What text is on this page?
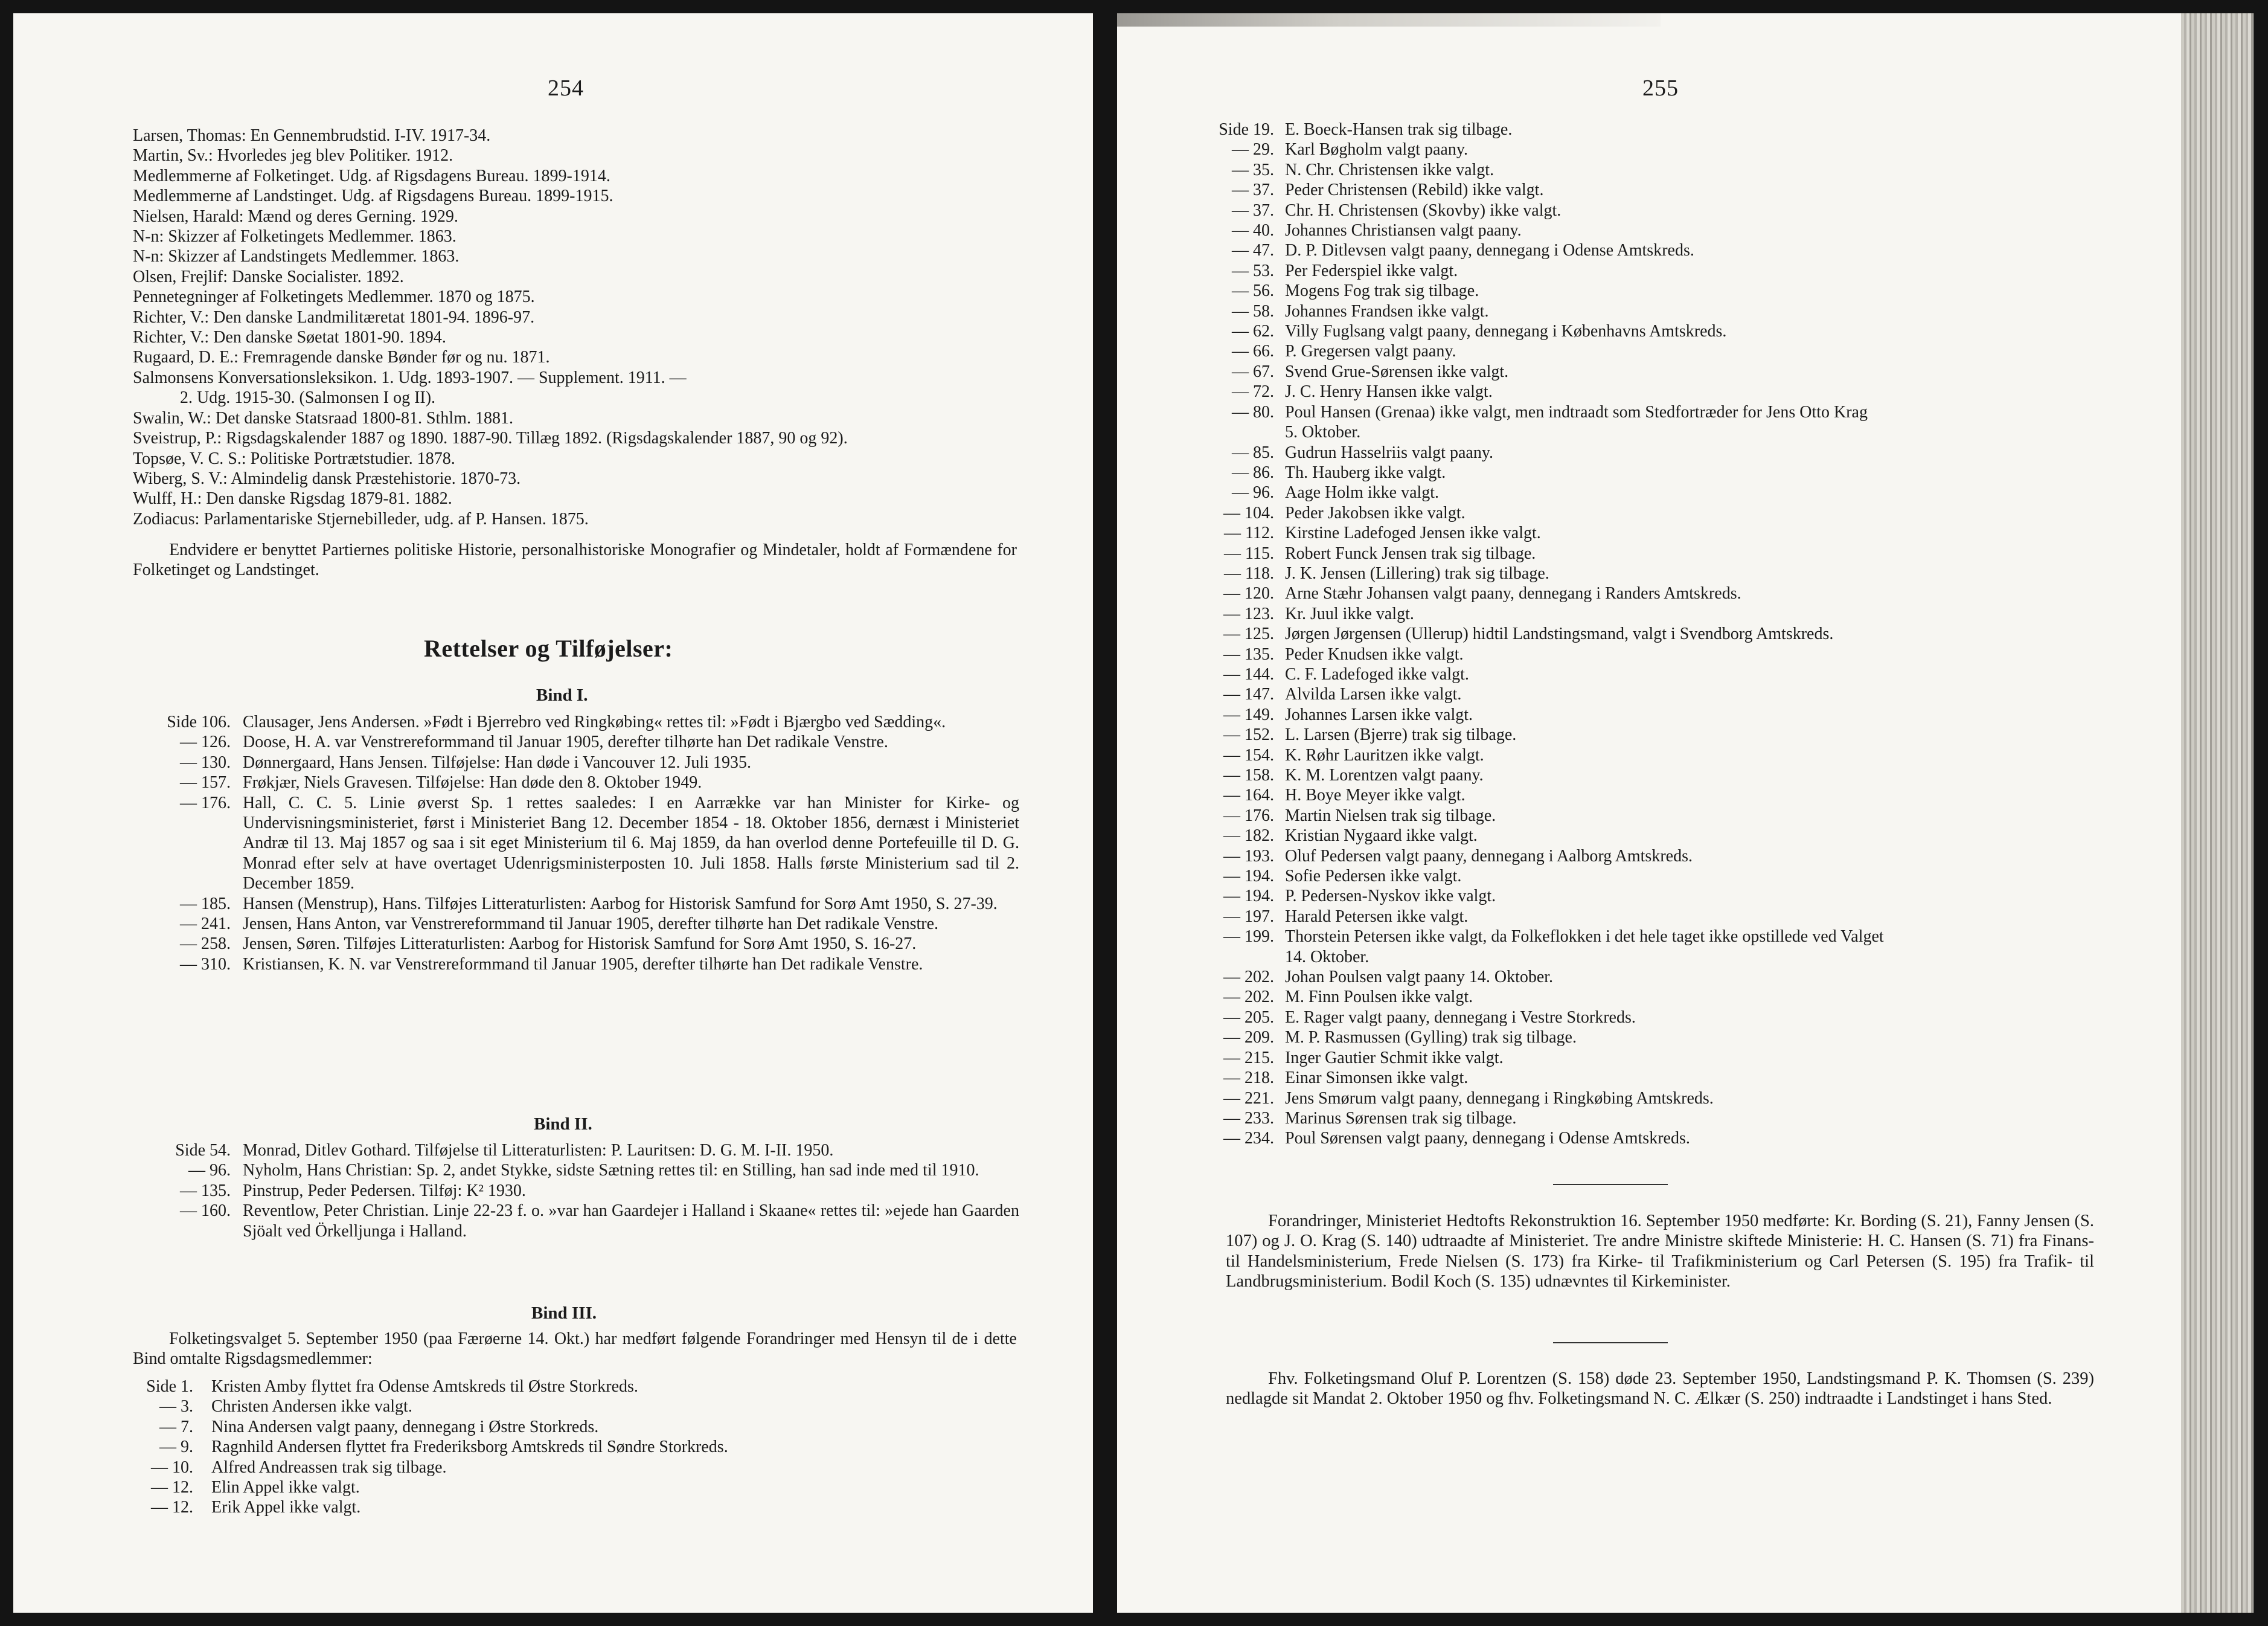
254
Larsen, Thomas: En Gennembrudstid. I-IV. 1917-34.
Martin, Sv.: Hvorledes jeg blev Politiker. 1912.
Medlemmerne af Folketinget. Udg. af Rigsdagens Bureau. 1899-1914.
Medlemmerne af Landstinget. Udg. af Rigsdagens Bureau. 1899-1915.
Nielsen, Harald: Mænd og deres Gerning. 1929.
N-n: Skizzer af Folketingets Medlemmer. 1863.
N-n: Skizzer af Landstingets Medlemmer. 1863.
Olsen, Frejlif: Danske Socialister. 1892.
Pennetegninger af Folketingets Medlemmer. 1870 og 1875.
Richter, V.: Den danske Landmilitæretat 1801-94. 1896-97.
Richter, V.: Den danske Søetat 1801-90. 1894.
Rugaard, D. E.: Fremragende danske Bønder før og nu. 1871.
Salmonsens Konversationsleksikon. 1. Udg. 1893-1907. — Supplement. 1911. —
2. Udg. 1915-30. (Salmonsen I og II).
Swalin, W.: Det danske Statsraad 1800-81. Sthlm. 1881.
Sveistrup, P.: Rigsdagskalender 1887 og 1890. 1887-90. Tillæg 1892. (Rigsdagskalender 1887, 90 og 92).
Topsøe, V. C. S.: Politiske Portrætstudier. 1878.
Wiberg, S. V.: Almindelig dansk Præstehistorie. 1870-73.
Wulff, H.: Den danske Rigsdag 1879-81. 1882.
Zodiacus: Parlamentariske Stjernebilleder, udg. af P. Hansen. 1875.

Endvidere er benyttet Partiernes politiske Historie, personalhistoriske Monografier og Mindetaler, holdt af Formændene for Folketinget og Landstinget.

Rettelser og Tilføjelser:
Bind I.
Side 106. Clausager, Jens Andersen. »Født i Bjerrebro ved Ringkøbing« rettes til: »Født i Bjærgbo ved Sædding«.
— 126. Doose, H. A. var Venstrereformmand til Januar 1905, derefter tilhørte han Det radikale Venstre.
— 130. Dønnergaard, Hans Jensen. Tilføjelse: Han døde i Vancouver 12. Juli 1935.
— 157. Frøkjær, Niels Gravesen. Tilføjelse: Han døde den 8. Oktober 1949.
— 176. Hall, C. C. 5. Linie øverst Sp. 1 rettes saaledes: I en Aarrække var han Minister for Kirke- og Undervisningsministeriet, først i Ministeriet Bang 12. December 1854 - 18. Oktober 1856, dernæst i Ministeriet Andræ til 13. Maj 1857 og saa i sit eget Ministerium til 6. Maj 1859, da han overlod denne Portefeuille til D. G. Monrad efter selv at have overtaget Udenrigsministerposten 10. Juli 1858. Halls første Ministerium sad til 2. December 1859.
— 185. Hansen (Menstrup), Hans. Tilføjes Litteraturlisten: Aarbog for Historisk Samfund for Sorø Amt 1950, S. 27-39.
— 241. Jensen, Hans Anton, var Venstrereformmand til Januar 1905, derefter tilhørte han Det radikale Venstre.
— 258. Jensen, Søren. Tilføjes Litteraturlisten: Aarbog for Historisk Samfund for Sorø Amt 1950, S. 16-27.
— 310. Kristiansen, K. N. var Venstrereformmand til Januar 1905, derefter tilhørte han Det radikale Venstre.
Bind II.
Side 54. Monrad, Ditlev Gothard. Tilføjelse til Litteraturlisten: P. Lauritsen: D. G. M. I-II. 1950.
— 96. Nyholm, Hans Christian: Sp. 2, andet Stykke, sidste Sætning rettes til: en Stilling, han sad inde med til 1910.
— 135. Pinstrup, Peder Pedersen. Tilføj: K² 1930.
— 160. Reventlow, Peter Christian. Linje 22-23 f. o. »var han Gaardejer i Halland i Skaane« rettes til: »ejede han Gaarden Sjöalt ved Örkelljunga i Halland.
Bind III.

Folketingsvalget 5. September 1950 (paa Færøerne 14. Okt.) har medført følgende Forandringer med Hensyn til de i dette Bind omtalte Rigsdagsmedlemmer:

Side 1. Kristen Amby flyttet fra Odense Amtskreds til Østre Storkreds.
— 3. Christen Andersen ikke valgt.
— 7. Nina Andersen valgt paany, dennegang i Østre Storkreds.
— 9. Ragnhild Andersen flyttet fra Frederiksborg Amtskreds til Søndre Storkreds.
— 10. Alfred Andreassen trak sig tilbage.
— 12. Elin Appel ikke valgt.
— 12. Erik Appel ikke valgt.
255
Side 19. E. Boeck-Hansen trak sig tilbage.
— 29. Karl Bøgholm valgt paany.
— 35. N. Chr. Christensen ikke valgt.
— 37. Peder Christensen (Rebild) ikke valgt.
— 37. Chr. H. Christensen (Skovby) ikke valgt.
— 40. Johannes Christiansen valgt paany.
— 47. D. P. Ditlevsen valgt paany, dennegang i Odense Amtskreds.
— 53. Per Federspiel ikke valgt.
— 56. Mogens Fog trak sig tilbage.
— 58. Johannes Frandsen ikke valgt.
— 62. Villy Fuglsang valgt paany, dennegang i Københavns Amtskreds.
— 66. P. Gregersen valgt paany.
— 67. Svend Grue-Sørensen ikke valgt.
— 72. J. C. Henry Hansen ikke valgt.
— 80. Poul Hansen (Grenaa) ikke valgt, men indtraadt som Stedfortræder for Jens Otto Krag
5. Oktober.
— 85. Gudrun Hasselriis valgt paany.
— 86. Th. Hauberg ikke valgt.
— 96. Aage Holm ikke valgt.
— 104. Peder Jakobsen ikke valgt.
— 112. Kirstine Ladefoged Jensen ikke valgt.
— 115. Robert Funck Jensen trak sig tilbage.
— 118. J. K. Jensen (Lillering) trak sig tilbage.
— 120. Arne Stæhr Johansen valgt paany, dennegang i Randers Amtskreds.
— 123. Kr. Juul ikke valgt.
— 125. Jørgen Jørgensen (Ullerup) hidtil Landstingsmand, valgt i Svendborg Amtskreds.
— 135. Peder Knudsen ikke valgt.
— 144. C. F. Ladefoged ikke valgt.
— 147. Alvilda Larsen ikke valgt.
— 149. Johannes Larsen ikke valgt.
— 152. L. Larsen (Bjerre) trak sig tilbage.
— 154. K. Røhr Lauritzen ikke valgt.
— 158. K. M. Lorentzen valgt paany.
— 164. H. Boye Meyer ikke valgt.
— 176. Martin Nielsen trak sig tilbage.
— 182. Kristian Nygaard ikke valgt.
— 193. Oluf Pedersen valgt paany, dennegang i Aalborg Amtskreds.
— 194. Sofie Pedersen ikke valgt.
— 194. P. Pedersen-Nyskov ikke valgt.
— 197. Harald Petersen ikke valgt.
— 199. Thorstein Petersen ikke valgt, da Folkeflokken i det hele taget ikke opstillede ved Valget
14. Oktober.
— 202. Johan Poulsen valgt paany 14. Oktober.
— 202. M. Finn Poulsen ikke valgt.
— 205. E. Rager valgt paany, dennegang i Vestre Storkreds.
— 209. M. P. Rasmussen (Gylling) trak sig tilbage.
— 215. Inger Gautier Schmit ikke valgt.
— 218. Einar Simonsen ikke valgt.
— 221. Jens Smørum valgt paany, dennegang i Ringkøbing Amtskreds.
— 233. Marinus Sørensen trak sig tilbage.
— 234. Poul Sørensen valgt paany, dennegang i Odense Amtskreds.

Forandringer, Ministeriet Hedtofts Rekonstruktion 16. September 1950 medførte: Kr. Bording (S. 21), Fanny Jensen (S. 107) og J. O. Krag (S. 140) udtraadte af Ministeriet. Tre andre Ministre skiftede Ministerie: H. C. Hansen (S. 71) fra Finans- til Handelsministerium, Frede Nielsen (S. 173) fra Kirke- til Trafikministerium og Carl Petersen (S. 195) fra Trafik- til Landbrugsministerium. Bodil Koch (S. 135) udnævntes til Kirkeminister.

Fhv. Folketingsmand Oluf P. Lorentzen (S. 158) døde 23. September 1950, Landstingsmand P. K. Thomsen (S. 239) nedlagde sit Mandat 2. Oktober 1950 og fhv. Folketingsmand N. C. Ælkær (S. 250) indtraadte i Landstinget i hans Sted.
